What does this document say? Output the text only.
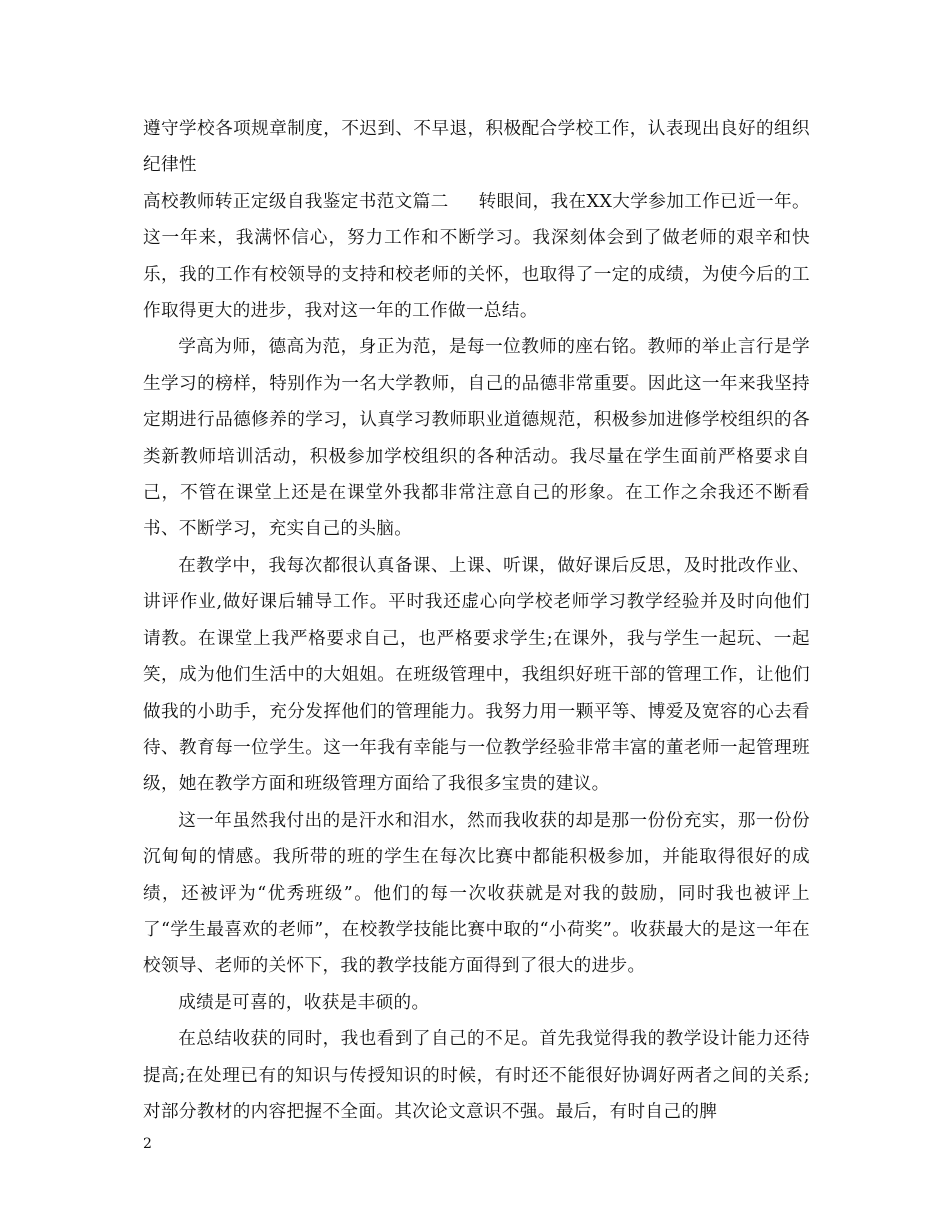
遵守学校各项规章制度，不迟到、不早退，积极配合学校工作，认表现出良好的组织纪律性

高校教师转正定级自我鉴定书范文篇二 转眼间，我在XX大学参加工作已近一年。这一年来，我满怀信心，努力工作和不断学习。我深刻体会到了做老师的艰辛和快乐，我的工作有校领导的支持和校老师的关怀，也取得了一定的成绩，为使今后的工作取得更大的进步，我对这一年的工作做一总结。

学高为师，德高为范，身正为范，是每一位教师的座右铭。教师的举止言行是学生学习的榜样，特别作为一名大学教师，自己的品德非常重要。因此这一年来我坚持定期进行品德修养的学习，认真学习教师职业道德规范，积极参加进修学校组织的各类新教师培训活动，积极参加学校组织的各种活动。我尽量在学生面前严格要求自己，不管在课堂上还是在课堂外我都非常注意自己的形象。在工作之余我还不断看书、不断学习，充实自己的头脑。

在教学中，我每次都很认真备课、上课、听课，做好课后反思，及时批改作业、讲评作业,做好课后辅导工作。平时我还虚心向学校老师学习教学经验并及时向他们请教。在课堂上我严格要求自己，也严格要求学生;在课外，我与学生一起玩、一起笑，成为他们生活中的大姐姐。在班级管理中，我组织好班干部的管理工作，让他们做我的小助手，充分发挥他们的管理能力。我努力用一颗平等、博爱及宽容的心去看待、教育每一位学生。这一年我有幸能与一位教学经验非常丰富的董老师一起管理班级，她在教学方面和班级管理方面给了我很多宝贵的建议。

这一年虽然我付出的是汗水和泪水，然而我收获的却是那一份份充实，那一份份沉甸甸的情感。我所带的班的学生在每次比赛中都能积极参加，并能取得很好的成绩，还被评为“优秀班级”。他们的每一次收获就是对我的鼓励，同时我也被评上了“学生最喜欢的老师”，在校教学技能比赛中取的“小荷奖”。收获最大的是这一年在校领导、老师的关怀下，我的教学技能方面得到了很大的进步。

成绩是可喜的，收获是丰硕的。

在总结收获的同时，我也看到了自己的不足。首先我觉得我的教学设计能力还待提高;在处理已有的知识与传授知识的时候，有时还不能很好协调好两者之间的关系;对部分教材的内容把握不全面。其次论文意识不强。最后，有时自己的脾

2
